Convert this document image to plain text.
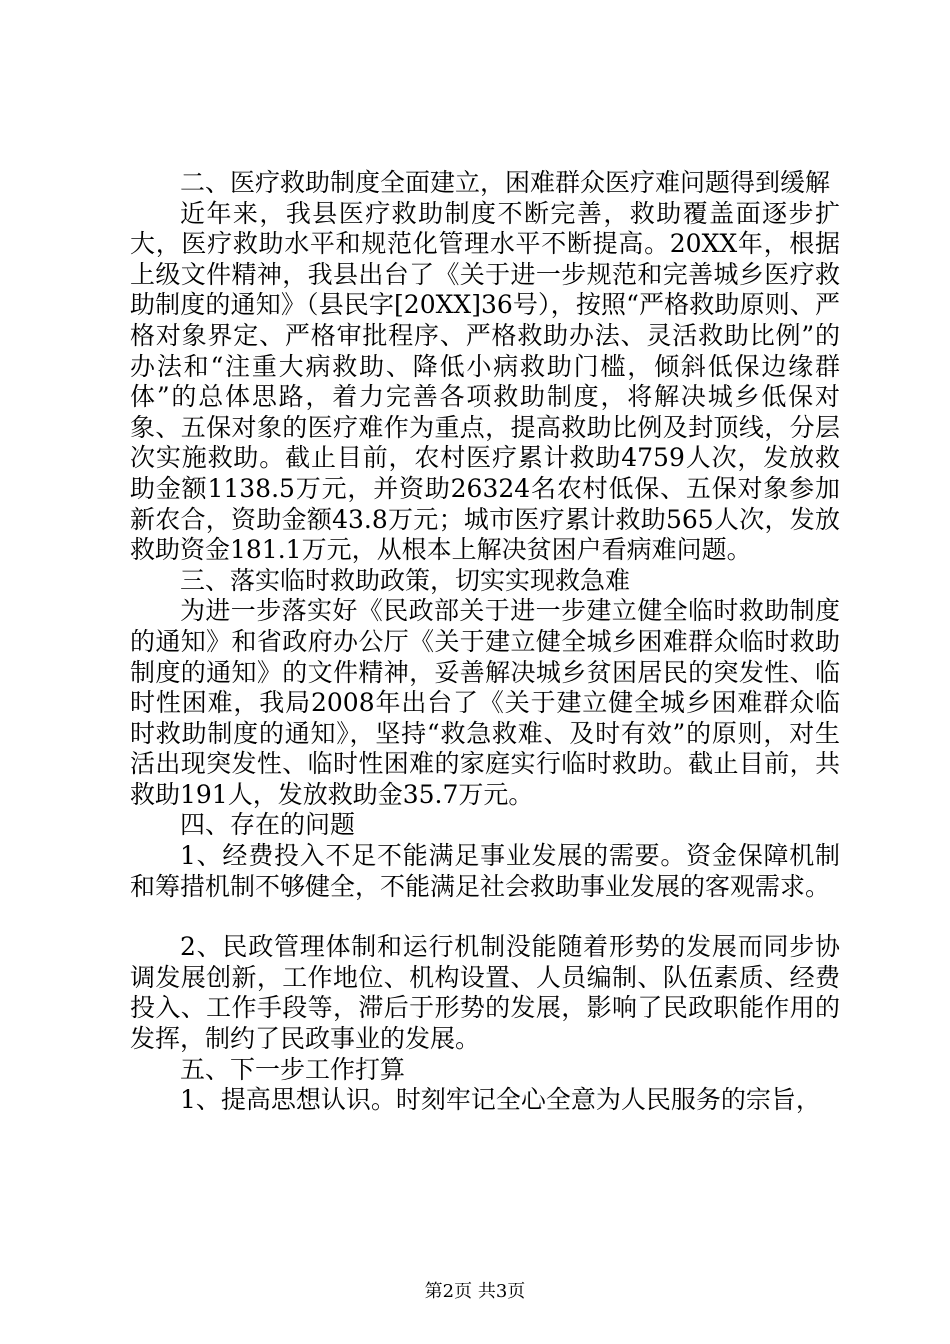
二、医疗救助制度全面建立，困难群众医疗难问题得到缓解

近年来，我县医疗救助制度不断完善，救助覆盖面逐步扩大，医疗救助水平和规范化管理水平不断提高。20XX年，根据上级文件精神，我县出台了《关于进一步规范和完善城乡医疗救助制度的通知》（县民字[20XX]36号），按照“严格救助原则、严格对象界定、严格审批程序、严格救助办法、灵活救助比例”的办法和“注重大病救助、降低小病救助门槛，倾斜低保边缘群体”的总体思路，着力完善各项救助制度，将解决城乡低保对象、五保对象的医疗难作为重点，提高救助比例及封顶线，分层次实施救助。截止目前，农村医疗累计救助4759人次，发放救助金额1138.5万元，并资助26324名农村低保、五保对象参加新农合，资助金额43.8万元；城市医疗累计救助565人次，发放救助资金181.1万元，从根本上解决贫困户看病难问题。

三、落实临时救助政策，切实实现救急难

为进一步落实好《民政部关于进一步建立健全临时救助制度的通知》和省政府办公厅《关于建立健全城乡困难群众临时救助制度的通知》的文件精神，妥善解决城乡贫困居民的突发性、临时性困难，我局2008年出台了《关于建立健全城乡困难群众临时救助制度的通知》，坚持“救急救难、及时有效”的原则，对生活出现突发性、临时性困难的家庭实行临时救助。截止目前，共救助191人，发放救助金35.7万元。

四、存在的问题

1、经费投入不足不能满足事业发展的需要。资金保障机制和筹措机制不够健全，不能满足社会救助事业发展的客观需求。

2、民政管理体制和运行机制没能随着形势的发展而同步协调发展创新，工作地位、机构设置、人员编制、队伍素质、经费投入、工作手段等，滞后于形势的发展，影响了民政职能作用的发挥，制约了民政事业的发展。

五、下一步工作打算

1、提高思想认识。时刻牢记全心全意为人民服务的宗旨，

第2页 共3页
